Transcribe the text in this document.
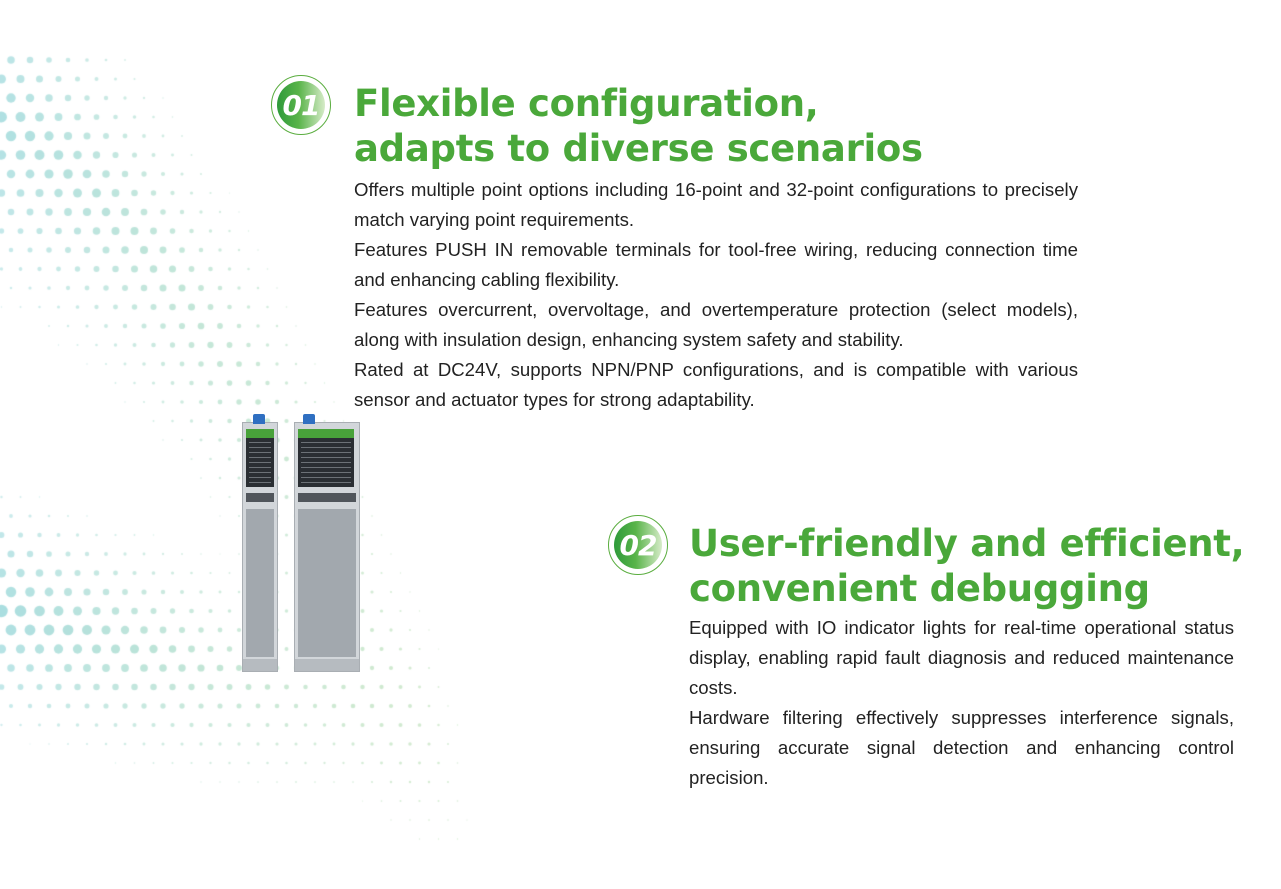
01 Flexible configuration,
adapts to diverse scenarios

Offers multiple point options including 16-point and 32-point configurations to precisely match varying point requirements.

Features PUSH IN removable terminals for tool-free wiring, reducing connection time and enhancing cabling flexibility.

Features overcurrent, overvoltage, and overtemperature protection (select models), along with insulation design, enhancing system safety and stability.

Rated at DC24V, supports NPN/PNP configurations, and is compatible with various sensor and actuator types for strong adaptability.

02 User-friendly and efficient,
convenient debugging

Equipped with IO indicator lights for real-time operational status display, enabling rapid fault diagnosis and reduced maintenance costs.

Hardware filtering effectively suppresses interference signals, ensuring accurate signal detection and enhancing control precision.
